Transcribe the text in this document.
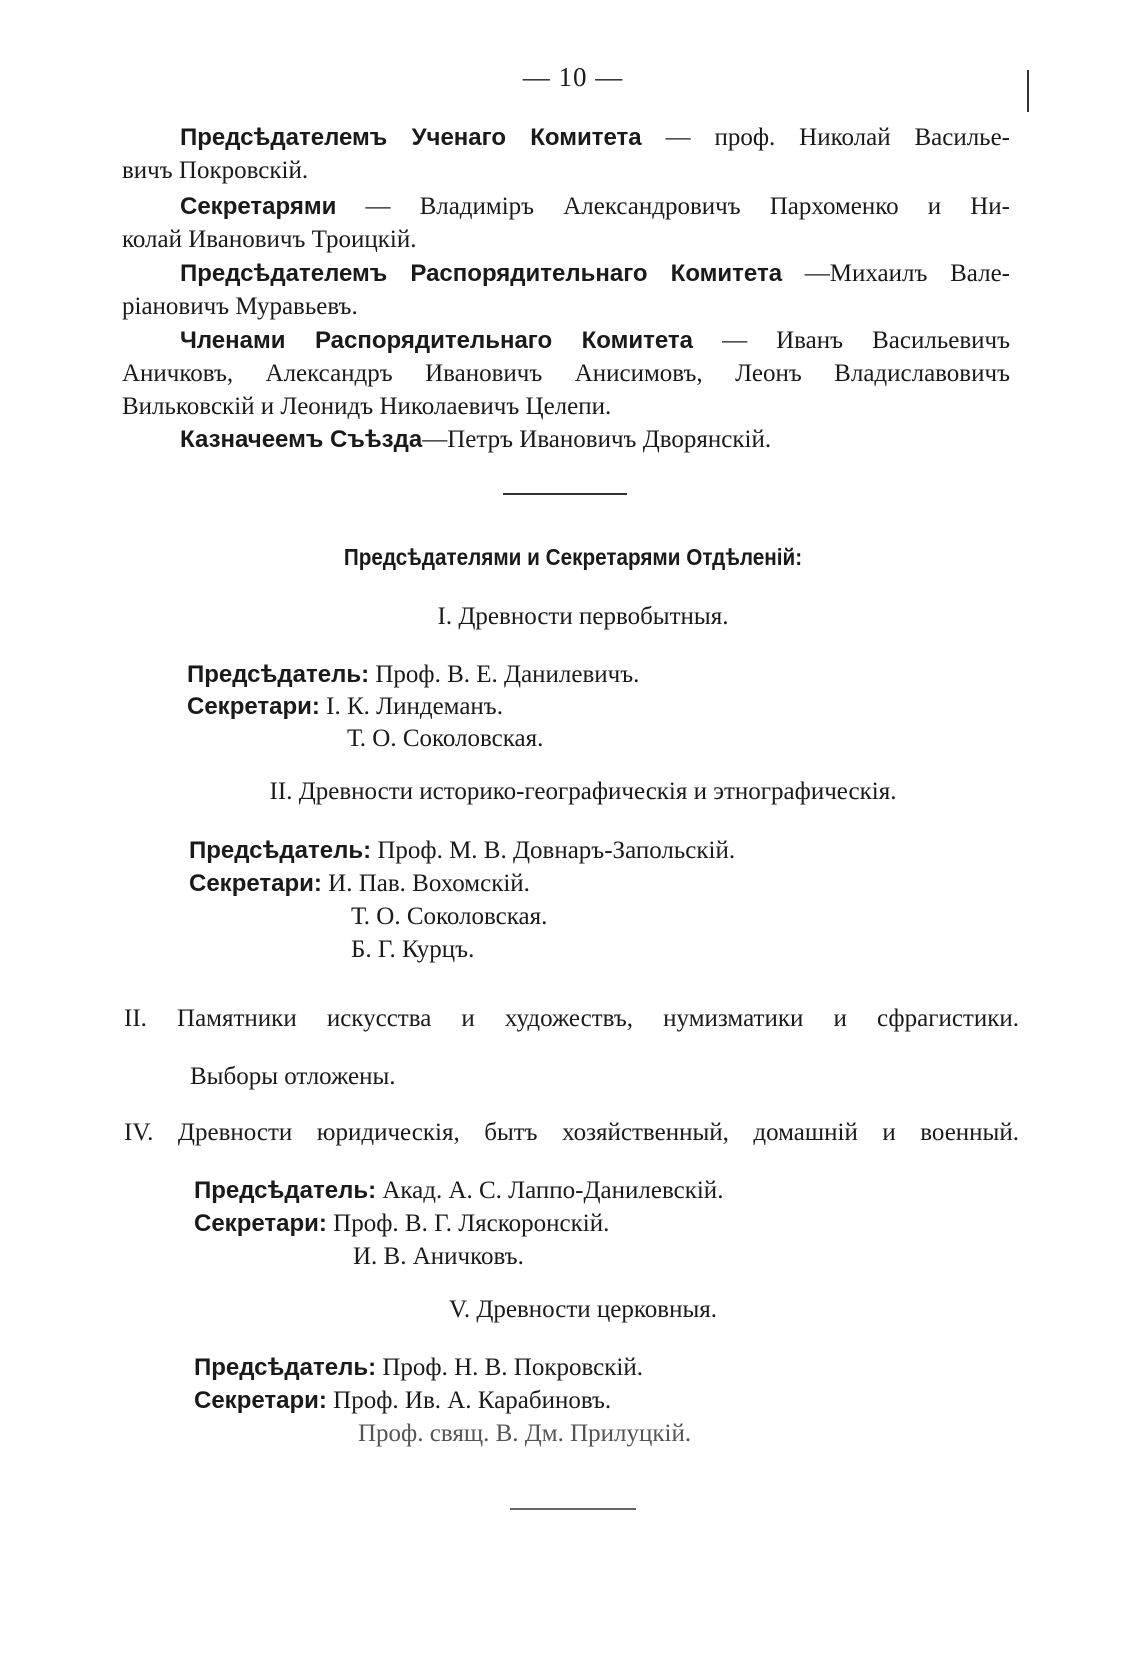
— 10 —
Предсѣдателемъ Ученаго Комитета — проф. Николай Василье-
вичъ Покровскій.
Секретарями — Владиміръ Александровичъ Пархоменко и Ни-
колай Ивановичъ Троицкій.
Предсѣдателемъ Распорядительнаго Комитета —Михаилъ Вале-
ріановичъ Муравьевъ.
Членами Распорядительнаго Комитета — Иванъ Васильевичъ
Аничковъ, Александръ Ивановичъ Анисимовъ, Леонъ Владиславовичъ
Вильковскій и Леонидъ Николаевичъ Целепи.
Казначеемъ Съѣзда—Петръ Ивановичъ Дворянскій.
Предсѣдателями и Секретарями Отдѣленій:
I. Древности первобытныя.
Предсѣдатель: Проф. В. Е. Данилевичъ.
Секретари: I. К. Линдеманъ.
Т. О. Соколовская.
II. Древности историко-географическія и этнографическія.
Предсѣдатель: Проф. М. В. Довнаръ-Запольскій.
Секретари: И. Пав. Вохомскій.
Т. О. Соколовская.
Б. Г. Курцъ.
II. Памятники искусства и художествъ, нумизматики и сфрагистики.
Выборы отложены.
IV. Древности юридическія, бытъ хозяйственный, домашній и военный.
Предсѣдатель: Акад. А. С. Лаппо-Данилевскій.
Секретари: Проф. В. Г. Ляскоронскій.
И. В. Аничковъ.
V. Древности церковныя.
Предсѣдатель: Проф. Н. В. Покровскій.
Секретари: Проф. Ив. А. Карабиновъ.
Проф. свящ. В. Дм. Прилуцкій.
